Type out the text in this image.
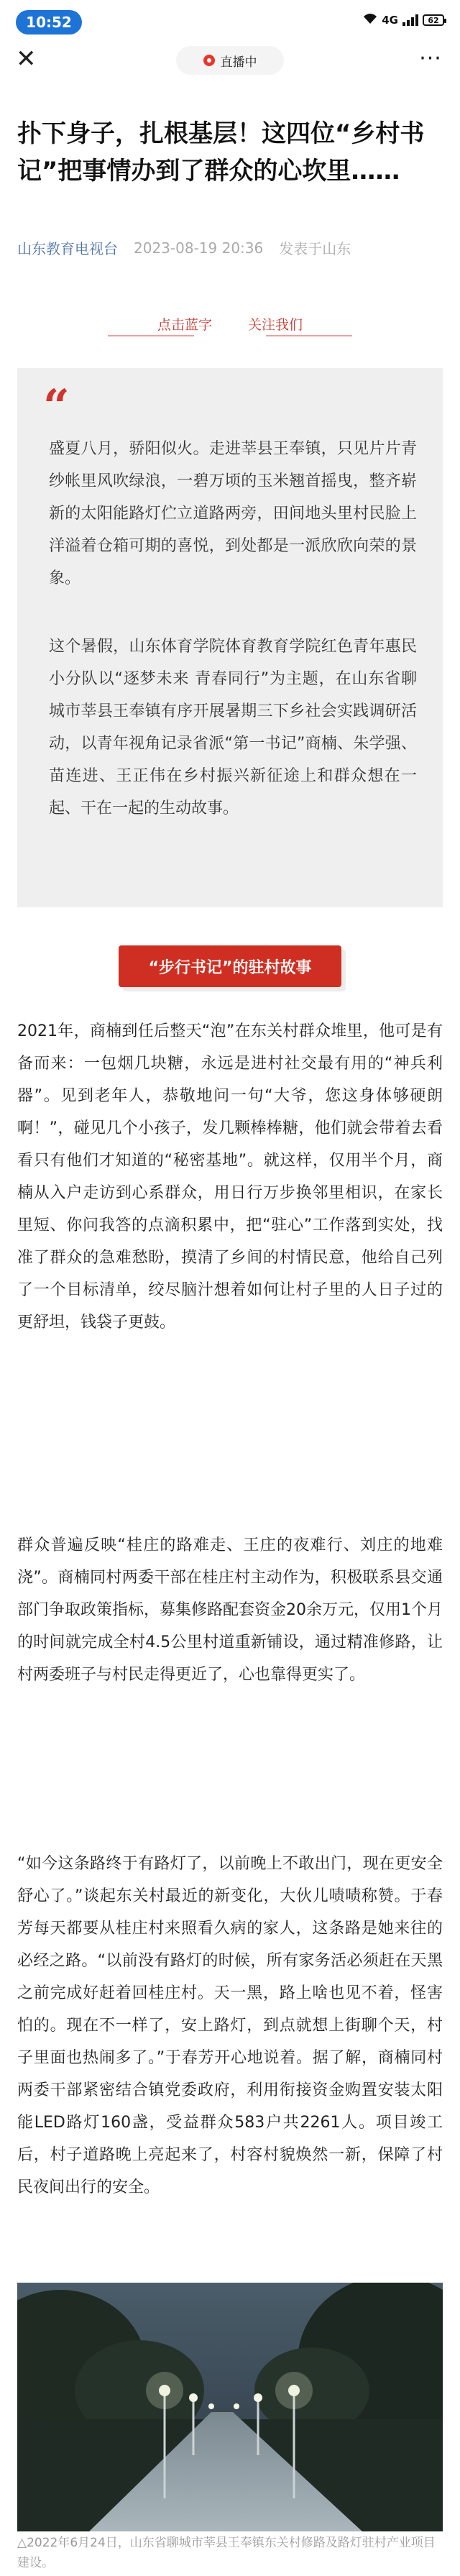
10:52	4G	62
✕	直播中	···
扑下身子，扎根基层！这四位“乡村书记”把事情办到了群众的心坎里……
山东教育电视台 2023-08-19 20:36 发表于山东
点击蓝字	关注我们
“

盛夏八月，骄阳似火。走进莘县王奉镇，只见片片青纱帐里风吹绿浪，一碧万顷的玉米翘首摇曳，整齐崭新的太阳能路灯伫立道路两旁，田间地头里村民脸上洋溢着仓箱可期的喜悦，到处都是一派欣欣向荣的景象。

这个暑假，山东体育学院体育教育学院红色青年惠民小分队以“逐梦未来 青春同行”为主题，在山东省聊城市莘县王奉镇有序开展暑期三下乡社会实践调研活动，以青年视角记录省派“第一书记”商楠、朱学强、苗连进、王正伟在乡村振兴新征途上和群众想在一起、干在一起的生动故事。

“步行书记”的驻村故事

2021年，商楠到任后整天“泡”在东关村群众堆里，他可是有备而来：一包烟几块糖，永远是进村社交最有用的“神兵利器”。见到老年人，恭敬地问一句“大爷，您这身体够硬朗啊！”，碰见几个小孩子，发几颗棒棒糖，他们就会带着去看看只有他们才知道的“秘密基地”。就这样，仅用半个月，商楠从入户走访到心系群众，用日行万步换邻里相识，在家长里短、你问我答的点滴积累中，把“驻心”工作落到实处，找准了群众的急难愁盼，摸清了乡间的村情民意，他给自己列了一个目标清单，绞尽脑汁想着如何让村子里的人日子过的更舒坦，钱袋子更鼓。

群众普遍反映“桂庄的路难走、王庄的夜难行、刘庄的地难浇”。商楠同村两委干部在桂庄村主动作为，积极联系县交通部门争取政策指标，募集修路配套资金20余万元，仅用1个月的时间就完成全村4.5公里村道重新铺设，通过精准修路，让村两委班子与村民走得更近了，心也靠得更实了。

“如今这条路终于有路灯了，以前晚上不敢出门，现在更安全舒心了。”谈起东关村最近的新变化，大伙儿啧啧称赞。于春芳每天都要从桂庄村来照看久病的家人，这条路是她来往的必经之路。“以前没有路灯的时候，所有家务活必须赶在天黑之前完成好赶着回桂庄村。天一黑，路上啥也见不着，怪害怕的。现在不一样了，安上路灯，到点就想上街聊个天，村子里面也热闹多了。”于春芳开心地说着。据了解，商楠同村两委干部紧密结合镇党委政府，利用衔接资金购置安装太阳能LED路灯160盏，受益群众583户共2261人。项目竣工后，村子道路晚上亮起来了，村容村貌焕然一新，保障了村民夜间出行的安全。

△2022年6月24日，山东省聊城市莘县王奉镇东关村修路及路灯驻村产业项目建设。
